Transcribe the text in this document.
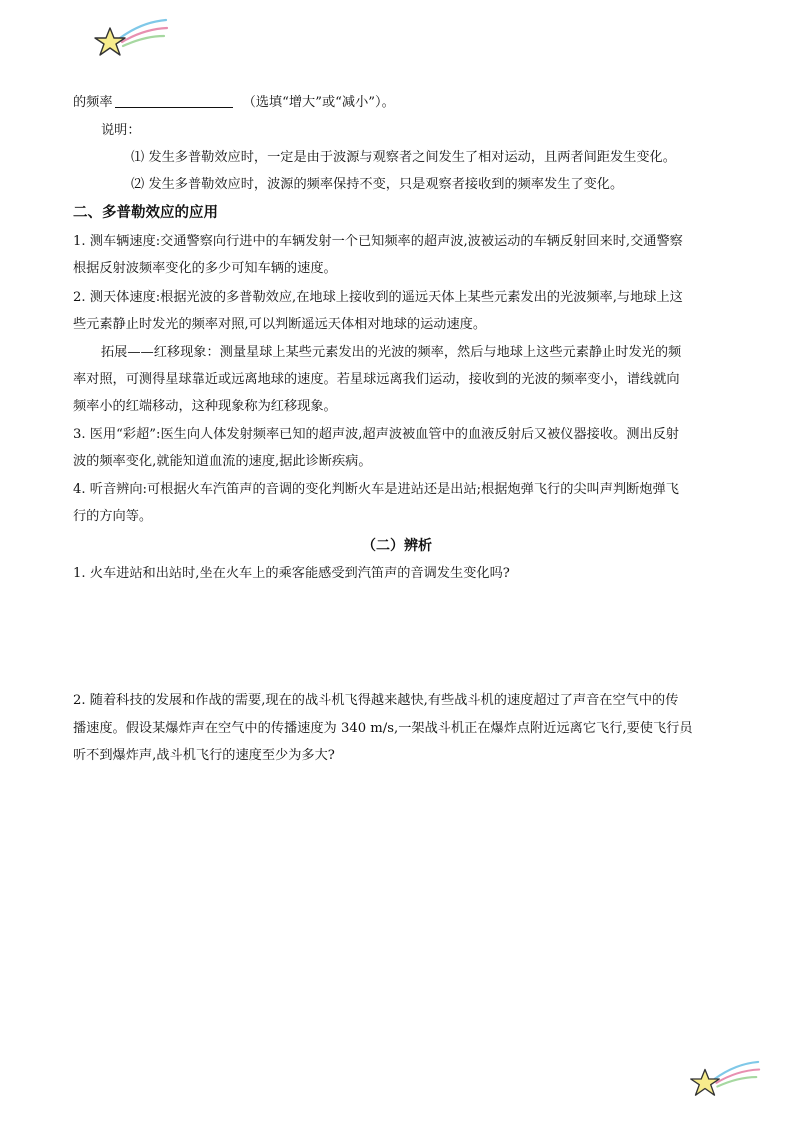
的频率	（选填“增大”或“减小”）。
说明：
⑴ 发生多普勒效应时，一定是由于波源与观察者之间发生了相对运动，且两者间距发生变化。
⑵ 发生多普勒效应时，波源的频率保持不变，只是观察者接收到的频率发生了变化。
二、多普勒效应的应用
1. 测车辆速度:交通警察向行进中的车辆发射一个已知频率的超声波,波被运动的车辆反射回来时,交通警察
根据反射波频率变化的多少可知车辆的速度。
2. 测天体速度:根据光波的多普勒效应,在地球上接收到的遥远天体上某些元素发出的光波频率,与地球上这
些元素静止时发光的频率对照,可以判断遥远天体相对地球的运动速度。
拓展——红移现象：测量星球上某些元素发出的光波的频率，然后与地球上这些元素静止时发光的频
率对照，可测得星球靠近或远离地球的速度。若星球远离我们运动，接收到的光波的频率变小，谱线就向
频率小的红端移动，这种现象称为红移现象。
3. 医用“彩超”:医生向人体发射频率已知的超声波,超声波被血管中的血液反射后又被仪器接收。测出反射
波的频率变化,就能知道血流的速度,据此诊断疾病。
4. 听音辨向:可根据火车汽笛声的音调的变化判断火车是进站还是出站;根据炮弹飞行的尖叫声判断炮弹飞
行的方向等。
（二）辨析
1. 火车进站和出站时,坐在火车上的乘客能感受到汽笛声的音调发生变化吗?
2. 随着科技的发展和作战的需要,现在的战斗机飞得越来越快,有些战斗机的速度超过了声音在空气中的传
播速度。假设某爆炸声在空气中的传播速度为 340 m/s,一架战斗机正在爆炸点附近远离它飞行,要使飞行员
听不到爆炸声,战斗机飞行的速度至少为多大?
